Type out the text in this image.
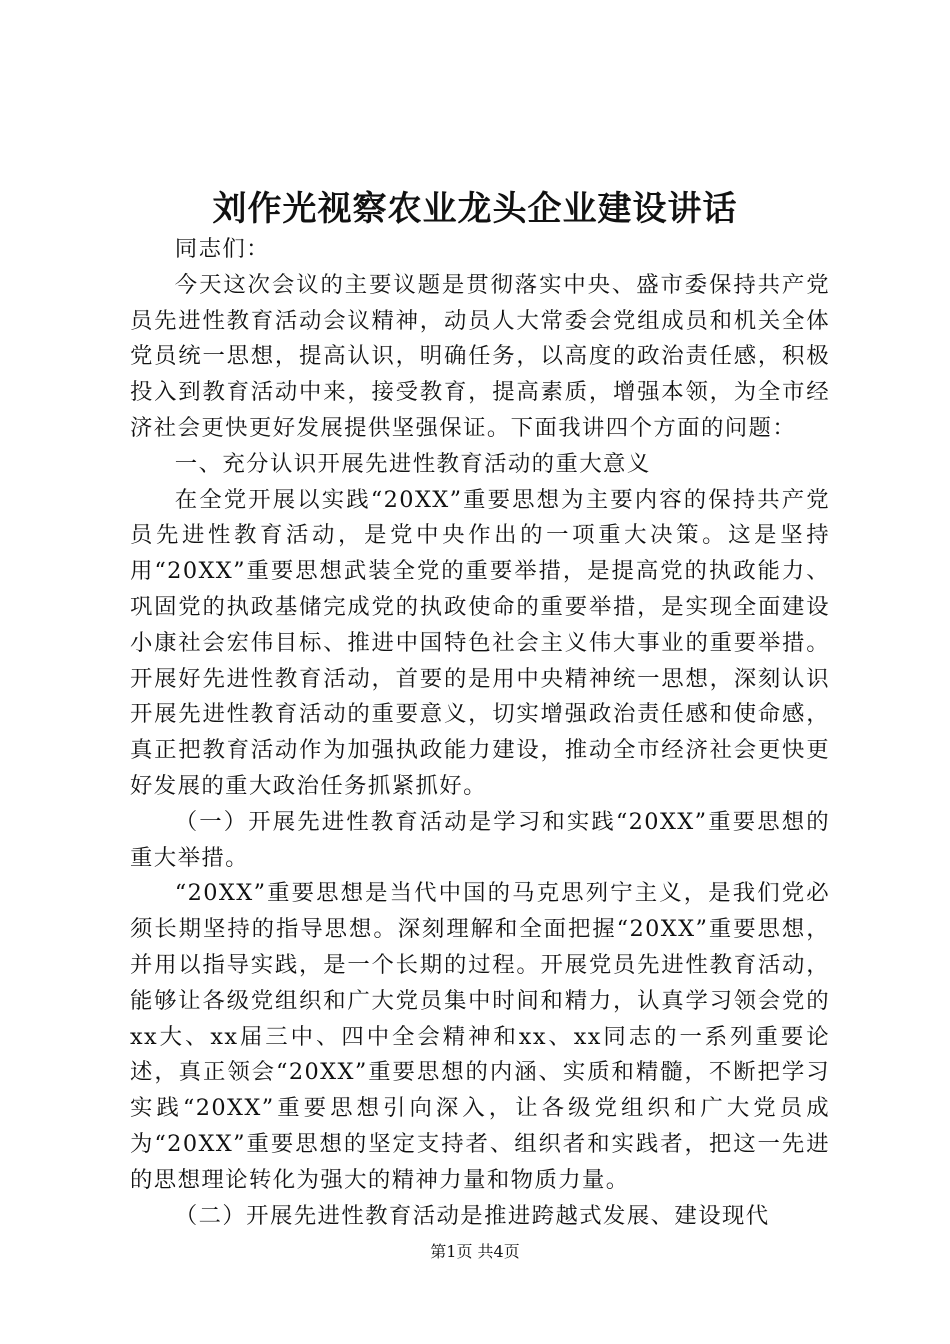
刘作光视察农业龙头企业建设讲话

同志们：

今天这次会议的主要议题是贯彻落实中央、盛市委保持共产党员先进性教育活动会议精神，动员人大常委会党组成员和机关全体党员统一思想，提高认识，明确任务，以高度的政治责任感，积极投入到教育活动中来，接受教育，提高素质，增强本领，为全市经济社会更快更好发展提供坚强保证。下面我讲四个方面的问题：

一、充分认识开展先进性教育活动的重大意义

在全党开展以实践“20XX”重要思想为主要内容的保持共产党员先进性教育活动，是党中央作出的一项重大决策。这是坚持用“20XX”重要思想武装全党的重要举措，是提高党的执政能力、巩固党的执政基储完成党的执政使命的重要举措，是实现全面建设小康社会宏伟目标、推进中国特色社会主义伟大事业的重要举措。开展好先进性教育活动，首要的是用中央精神统一思想，深刻认识开展先进性教育活动的重要意义，切实增强政治责任感和使命感，真正把教育活动作为加强执政能力建设，推动全市经济社会更快更好发展的重大政治任务抓紧抓好。

（一）开展先进性教育活动是学习和实践“20XX”重要思想的重大举措。

“20XX”重要思想是当代中国的马克思列宁主义，是我们党必须长期坚持的指导思想。深刻理解和全面把握“20XX”重要思想，并用以指导实践，是一个长期的过程。开展党员先进性教育活动，能够让各级党组织和广大党员集中时间和精力，认真学习领会党的xx大、xx届三中、四中全会精神和xx、xx同志的一系列重要论述，真正领会“20XX”重要思想的内涵、实质和精髓，不断把学习实践“20XX”重要思想引向深入，让各级党组织和广大党员成为“20XX”重要思想的坚定支持者、组织者和实践者，把这一先进的思想理论转化为强大的精神力量和物质力量。

（二）开展先进性教育活动是推进跨越式发展、建设现代

第1页 共4页
